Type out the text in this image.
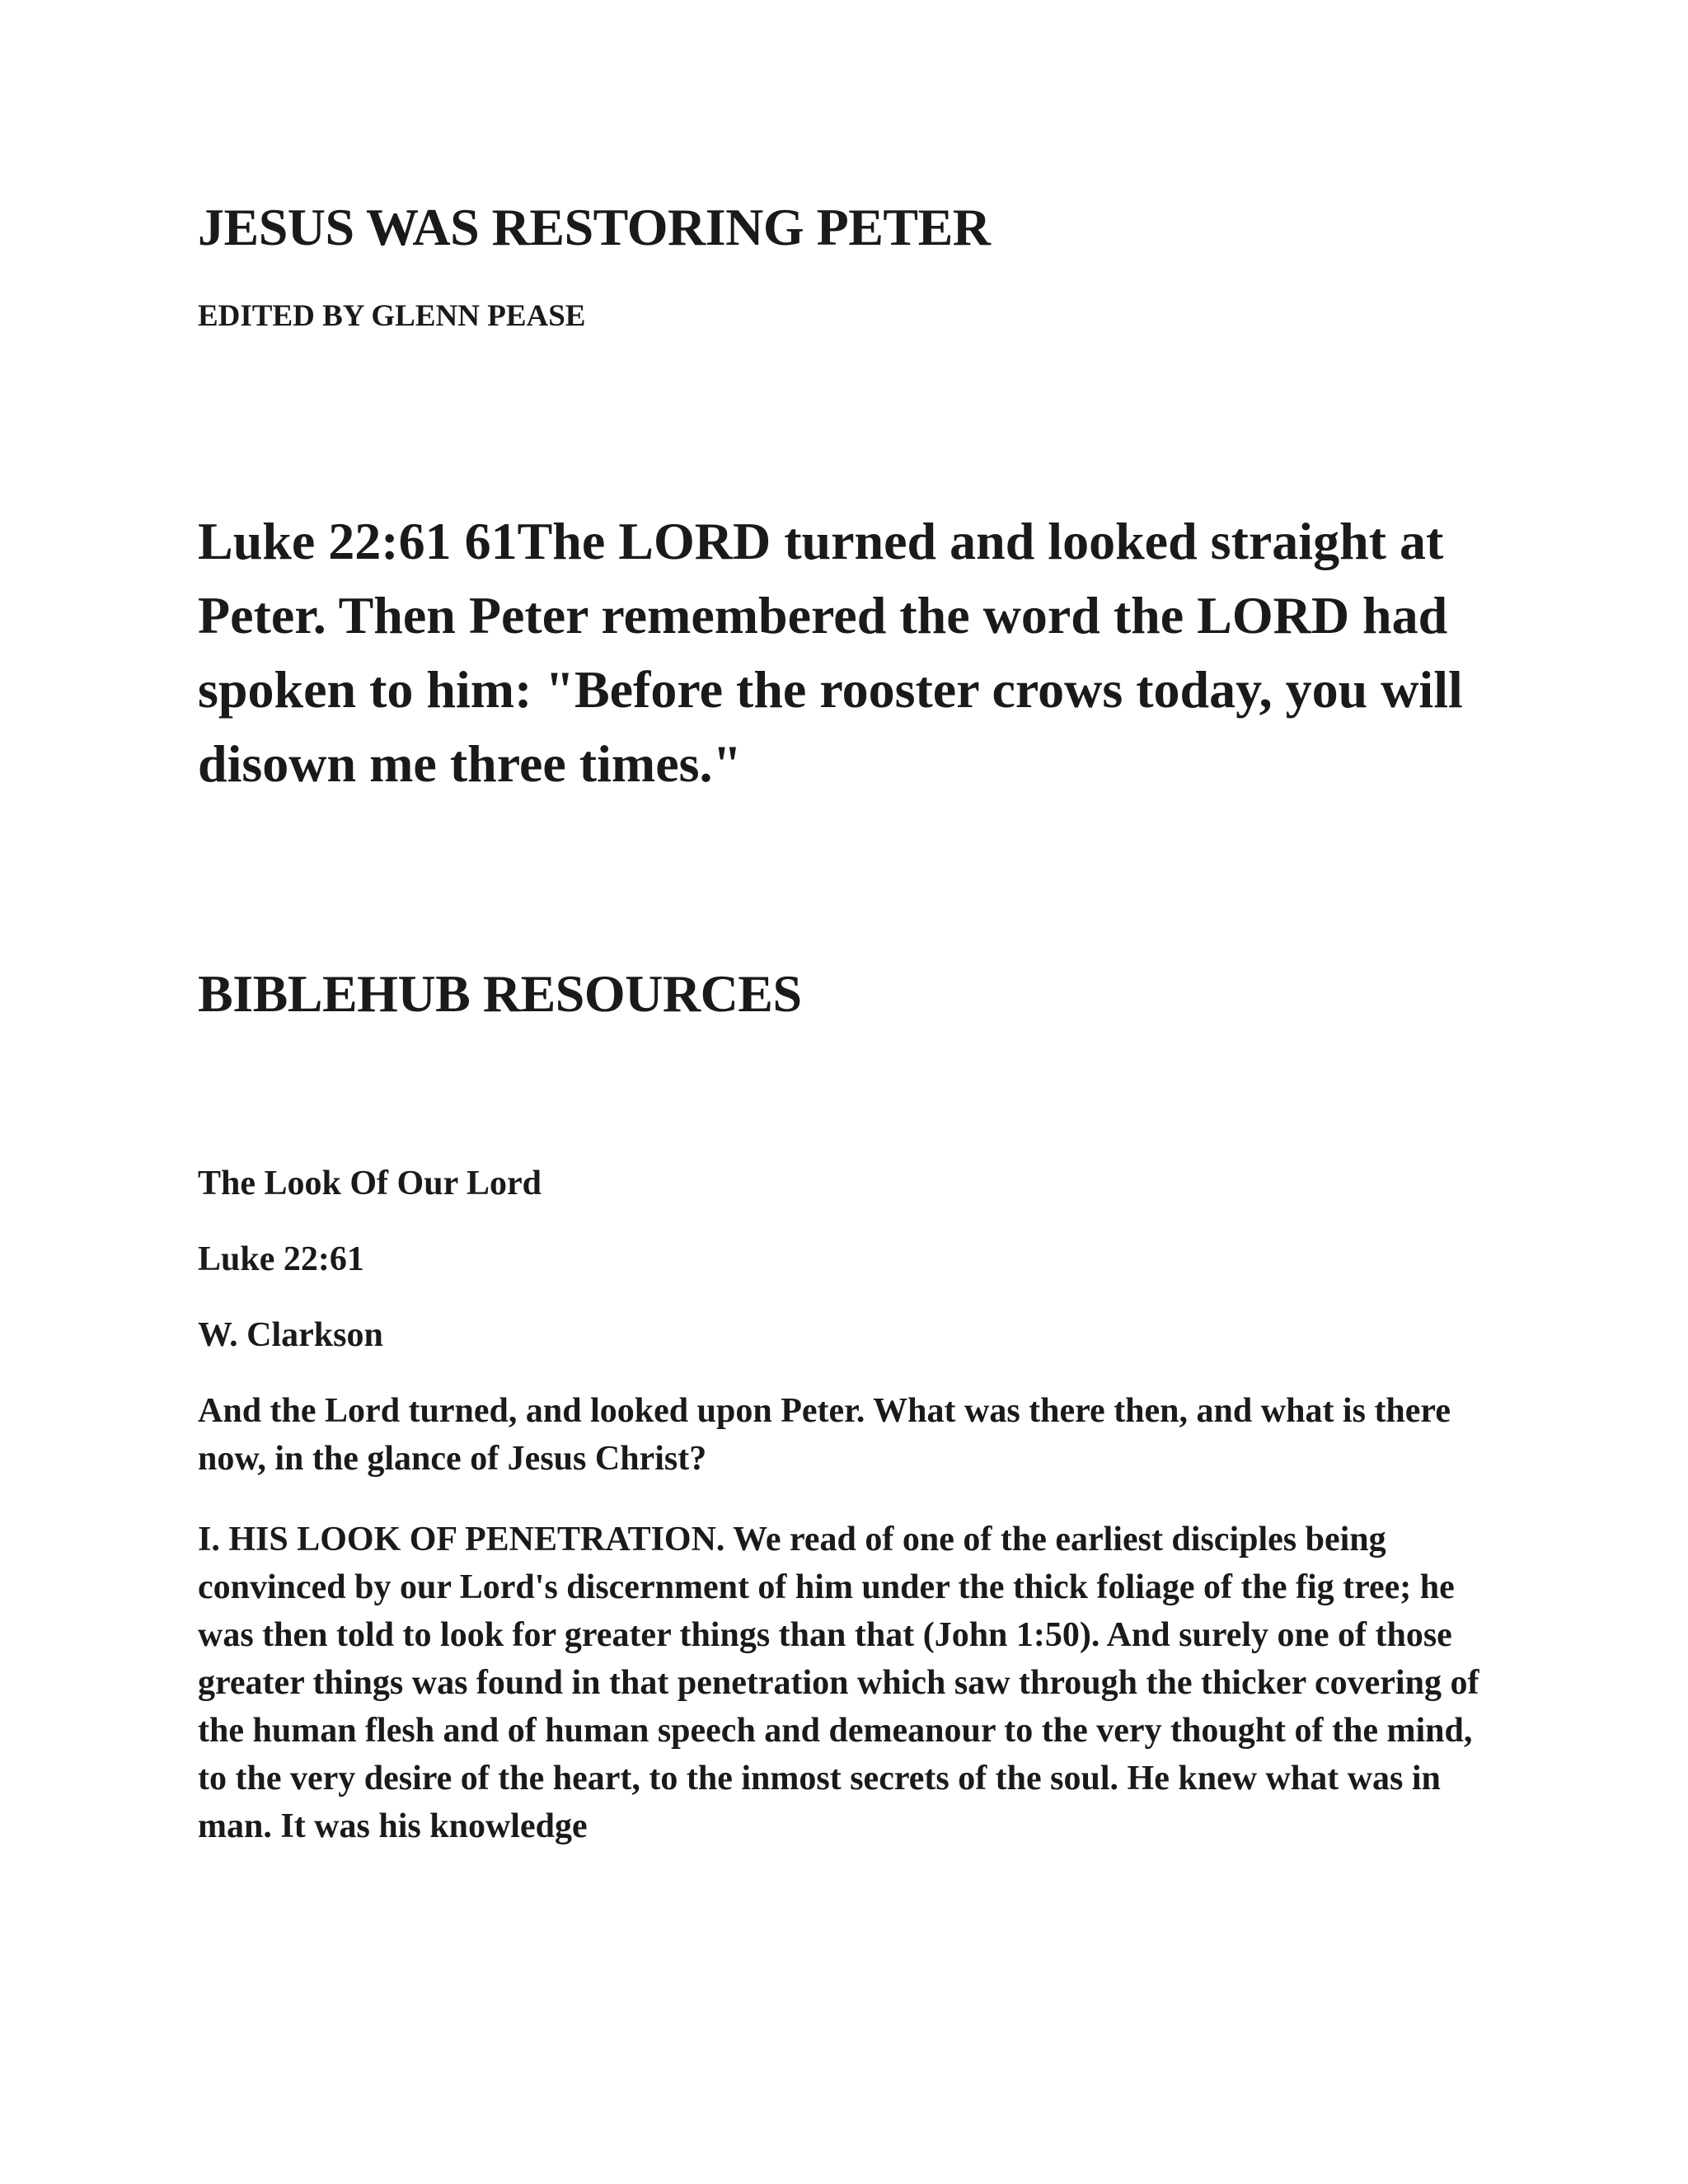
JESUS WAS RESTORING PETER
EDITED BY GLENN PEASE

Luke 22:61 61The LORD turned and looked straight at Peter. Then Peter remembered the word the LORD had spoken to him: "Before the rooster crows today, you will disown me three times."

BIBLEHUB RESOURCES
The Look Of Our Lord
Luke 22:61
W. Clarkson

And the Lord turned, and looked upon Peter. What was there then, and what is there now, in the glance of Jesus Christ?

I. HIS LOOK OF PENETRATION. We read of one of the earliest disciples being convinced by our Lord's discernment of him under the thick foliage of the fig tree; he was then told to look for greater things than that (John 1:50). And surely one of those greater things was found in that penetration which saw through the thicker covering of the human flesh and of human speech and demeanour to the very thought of the mind, to the very desire of the heart, to the inmost secrets of the soul. He knew what was in man. It was his knowledge
